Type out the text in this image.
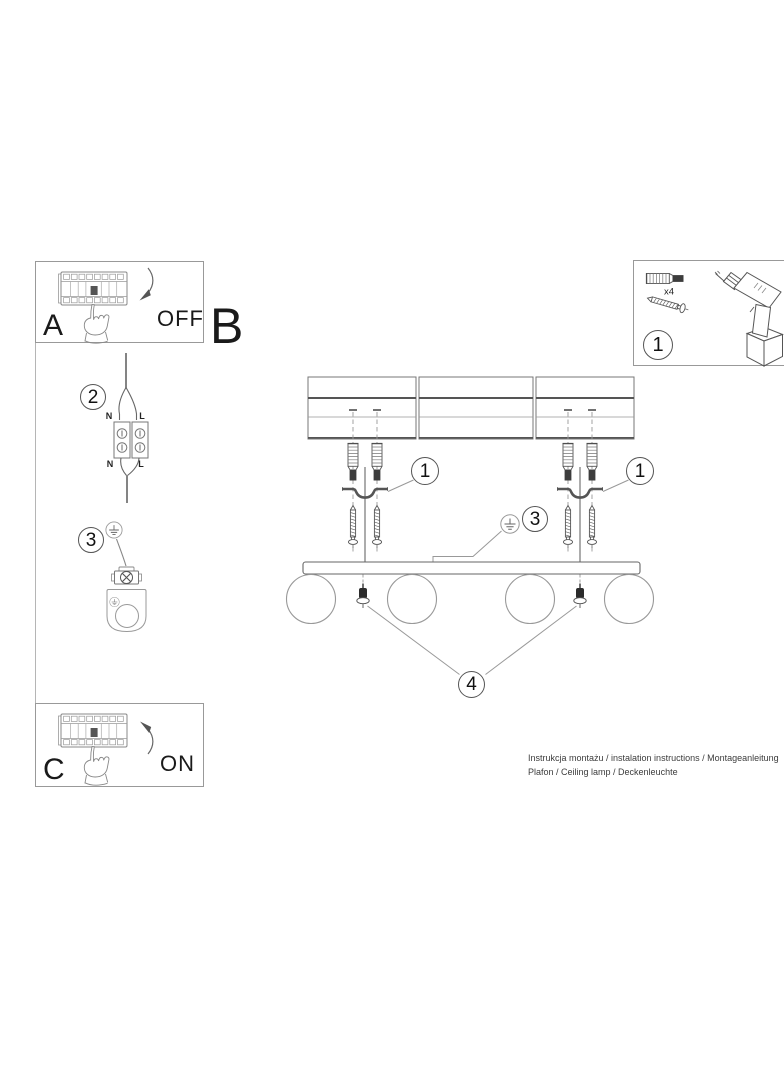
A	OFF B
x4
1
2
N	L
N	L
3
1	1
3
4
C	ON	Instrukcja montażu / instalation instructions / Montageanleitung
Plafon / Ceiling lamp / Deckenleuchte
